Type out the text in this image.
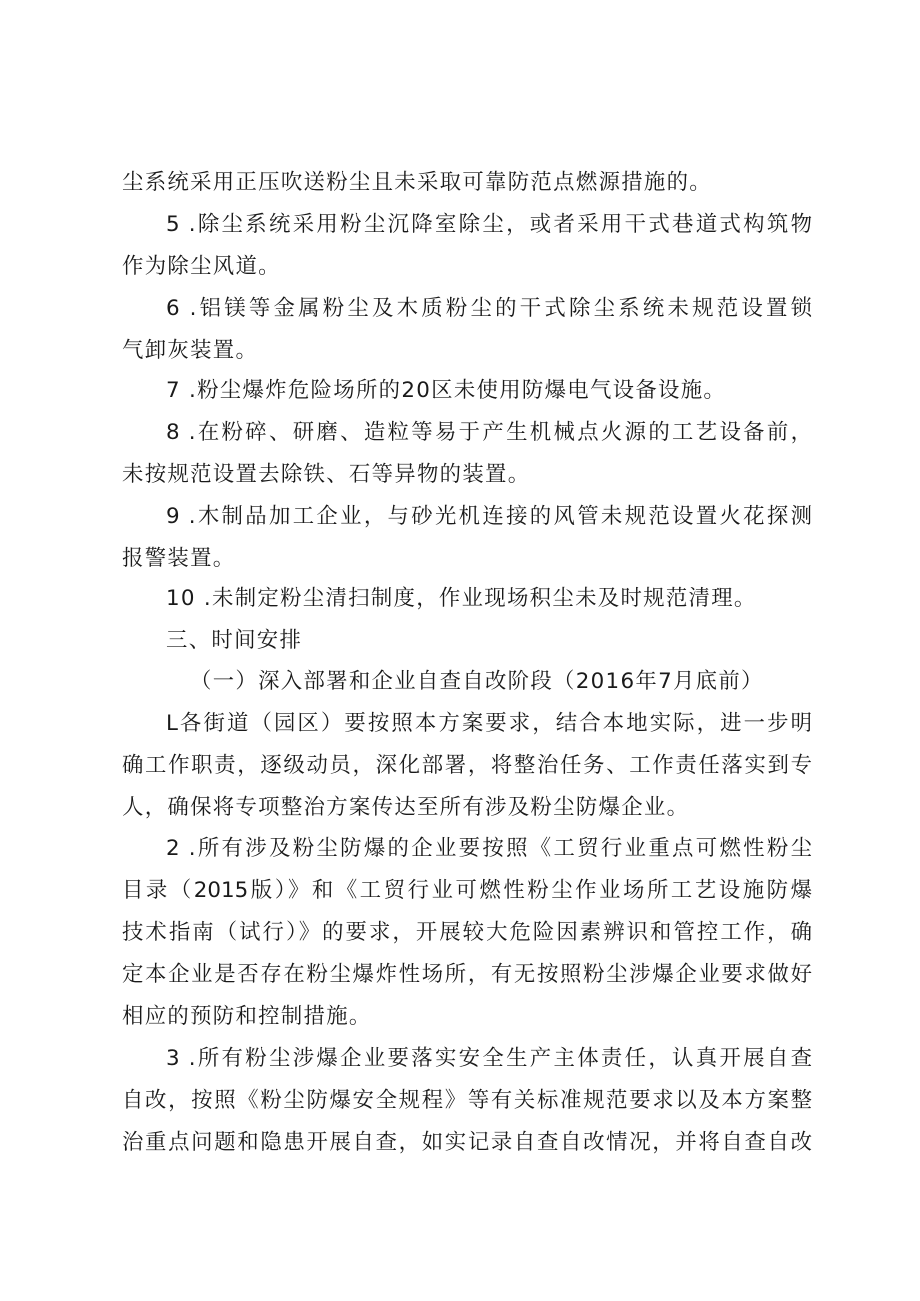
尘系统采用正压吹送粉尘且未采取可靠防范点燃源措施的。
5 .除尘系统采用粉尘沉降室除尘，或者采用干式巷道式构筑物
作为除尘风道。
6 .铝镁等金属粉尘及木质粉尘的干式除尘系统未规范设置锁
气卸灰装置。
7 .粉尘爆炸危险场所的20区未使用防爆电气设备设施。
8 .在粉碎、研磨、造粒等易于产生机械点火源的工艺设备前，
未按规范设置去除铁、石等异物的装置。
9 .木制品加工企业，与砂光机连接的风管未规范设置火花探测
报警装置。
10 .未制定粉尘清扫制度，作业现场积尘未及时规范清理。
三、时间安排
（一）深入部署和企业自查自改阶段（2016年7月底前）
L各街道（园区）要按照本方案要求，结合本地实际，进一步明
确工作职责，逐级动员，深化部署，将整治任务、工作责任落实到专
人，确保将专项整治方案传达至所有涉及粉尘防爆企业。
2 .所有涉及粉尘防爆的企业要按照《工贸行业重点可燃性粉尘
目录（2015版）》和《工贸行业可燃性粉尘作业场所工艺设施防爆
技术指南（试行）》的要求，开展较大危险因素辨识和管控工作，确
定本企业是否存在粉尘爆炸性场所，有无按照粉尘涉爆企业要求做好
相应的预防和控制措施。
3 .所有粉尘涉爆企业要落实安全生产主体责任，认真开展自查
自改，按照《粉尘防爆安全规程》等有关标准规范要求以及本方案整
治重点问题和隐患开展自查，如实记录自查自改情况，并将自查自改
